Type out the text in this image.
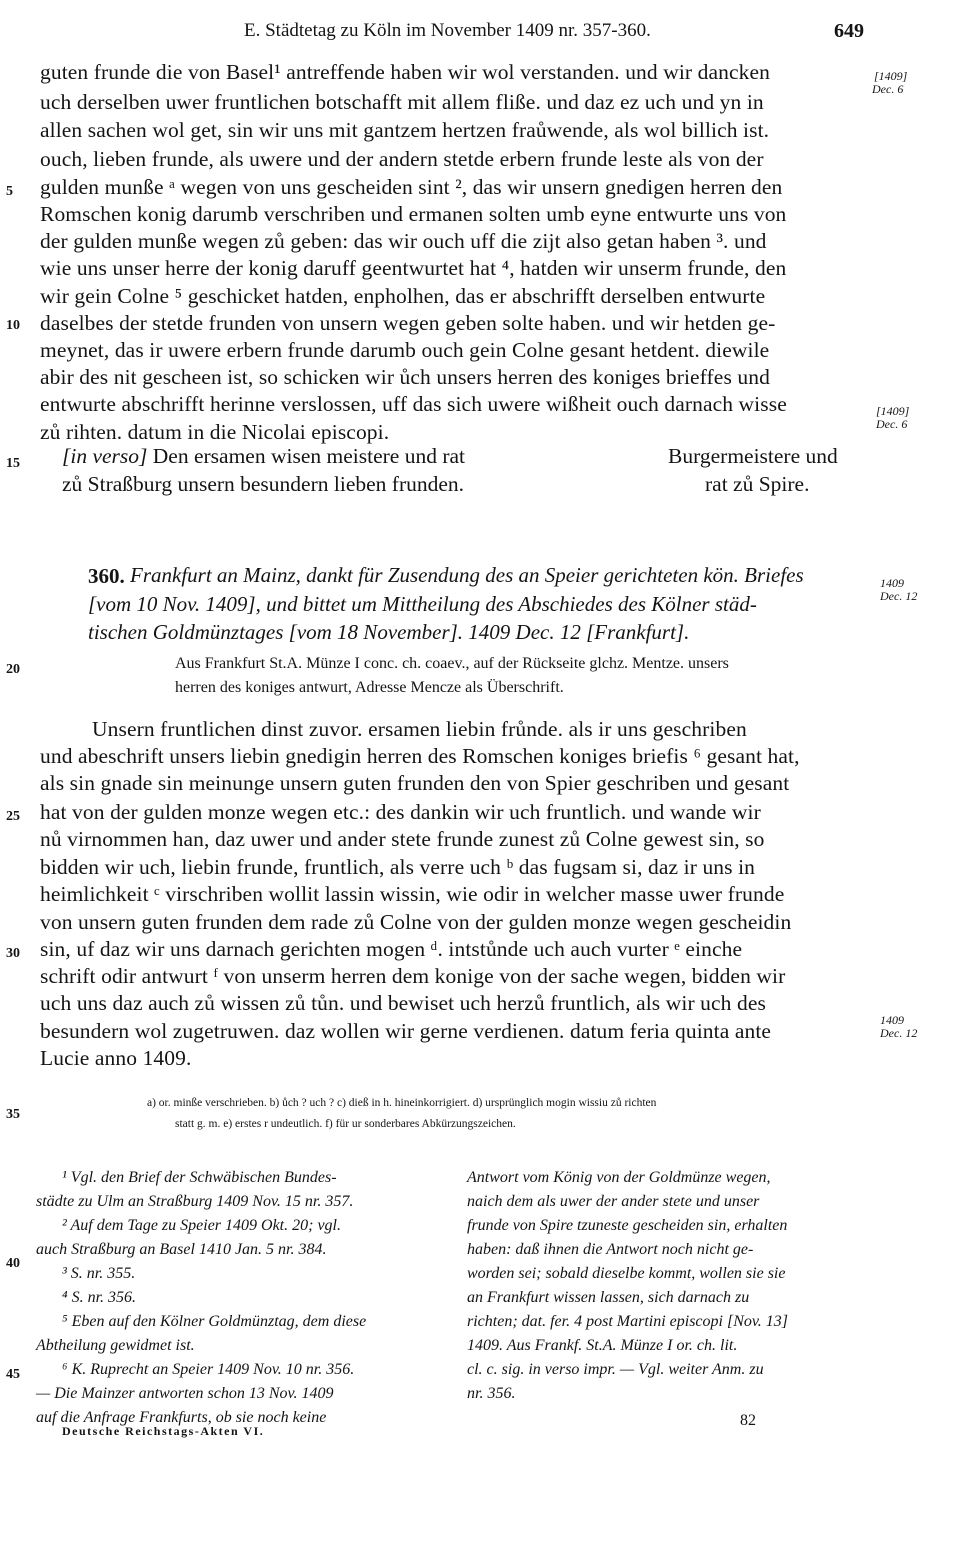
E. Städtetag zu Köln im November 1409 nr. 357-360.	649
[1409]
Dec. 6
[1409]
Dec. 6
1409
Dec. 12
1409
Dec. 12
5
10
15
20
25
30
35
40
45
guten frunde die von Basel¹ antreffende haben wir wol verstanden. und wir dancken
uch derselben uwer fruntlichen botschafft mit allem fliße. und daz ez uch und yn in
allen sachen wol get, sin wir uns mit gantzem hertzen fraůwende, als wol billich ist.
ouch, lieben frunde, als uwere und der andern stetde erbern frunde leste als von der
gulden munße ᵃ wegen von uns gescheiden sint ², das wir unsern gnedigen herren den
Romschen konig darumb verschriben und ermanen solten umb eyne entwurte uns von
der gulden munße wegen zů geben: das wir ouch uff die zijt also getan haben ³. und
wie uns unser herre der konig daruff geentwurtet hat ⁴, hatden wir unserm frunde, den
wir gein Colne ⁵ geschicket hatden, enpholhen, das er abschrifft derselben entwurte
daselbes der stetde frunden von unsern wegen geben solte haben. und wir hetden ge-
meynet, das ir uwere erbern frunde darumb ouch gein Colne gesant hetdent. diewile
abir des nit gescheen ist, so schicken wir ůch unsers herren des koniges brieffes und
entwurte abschrifft herinne verslossen, uff das sich uwere wißheit ouch darnach wisse
zů rihten. datum in die Nicolai episcopi.
[in verso] Den ersamen wisen meistere und rat
zů Straßburg unsern besundern lieben frunden.
Burgermeistere und
rat zů Spire.
360. Frankfurt an Mainz, dankt für Zusendung des an Speier gerichteten kön. Briefes
[vom 10 Nov. 1409], und bittet um Mittheilung des Abschiedes des Kölner städ-
tischen Goldmünztages [vom 18 November]. 1409 Dec. 12 [Frankfurt].
Aus Frankfurt St.A. Münze I conc. ch. coaev., auf der Rückseite glchz. Mentze. unsers
herren des koniges antwurt, Adresse Mencze als Überschrift.
Unsern fruntlichen dinst zuvor. ersamen liebin frůnde. als ir uns geschriben
und abeschrift unsers liebin gnedigin herren des Romschen koniges briefis ⁶ gesant hat,
als sin gnade sin meinunge unsern guten frunden den von Spier geschriben und gesant
hat von der gulden monze wegen etc.: des dankin wir uch fruntlich. und wande wir
nů virnommen han, daz uwer und ander stete frunde zunest zů Colne gewest sin, so
bidden wir uch, liebin frunde, fruntlich, als verre uch ᵇ das fugsam si, daz ir uns in
heimlichkeit ᶜ virschriben wollit lassin wissin, wie odir in welcher masse uwer frunde
von unsern guten frunden dem rade zů Colne von der gulden monze wegen gescheidin
sin, uf daz wir uns darnach gerichten mogen ᵈ. intstůnde uch auch vurter ᵉ einche
schrift odir antwurt ᶠ von unserm herren dem konige von der sache wegen, bidden wir
uch uns daz auch zů wissen zů tůn. und bewiset uch herzů fruntlich, als wir uch des
besundern wol zugetruwen. daz wollen wir gerne verdienen. datum feria quinta ante
Lucie anno 1409.
a) or. minße verschrieben. b) ůch ? uch ? c) dieß in h. hineinkorrigiert. d) ursprünglich mogin wissiu zů richten
statt g. m. e) erstes r undeutlich. f) für ur sonderbares Abkürzungszeichen.
¹ Vgl. den Brief der Schwäbischen Bundes-
städte zu Ulm an Straßburg 1409 Nov. 15 nr. 357.
² Auf dem Tage zu Speier 1409 Okt. 20; vgl.
auch Straßburg an Basel 1410 Jan. 5 nr. 384.
³ S. nr. 355.
⁴ S. nr. 356.
⁵ Eben auf den Kölner Goldmünztag, dem diese
Abtheilung gewidmet ist.
⁶ K. Ruprecht an Speier 1409 Nov. 10 nr. 356.
— Die Mainzer antworten schon 13 Nov. 1409
auf die Anfrage Frankfurts, ob sie noch keine
Antwort vom König von der Goldmünze wegen,
naich dem als uwer der ander stete und unser
frunde von Spire tzuneste gescheiden sin, erhalten
haben: daß ihnen die Antwort noch nicht ge-
worden sei; sobald dieselbe kommt, wollen sie sie
an Frankfurt wissen lassen, sich darnach zu
richten; dat. fer. 4 post Martini episcopi [Nov. 13]
1409. Aus Frankf. St.A. Münze I or. ch. lit.
cl. c. sig. in verso impr. — Vgl. weiter Anm. zu
nr. 356.
82
Deutsche Reichstags-Akten VI.
